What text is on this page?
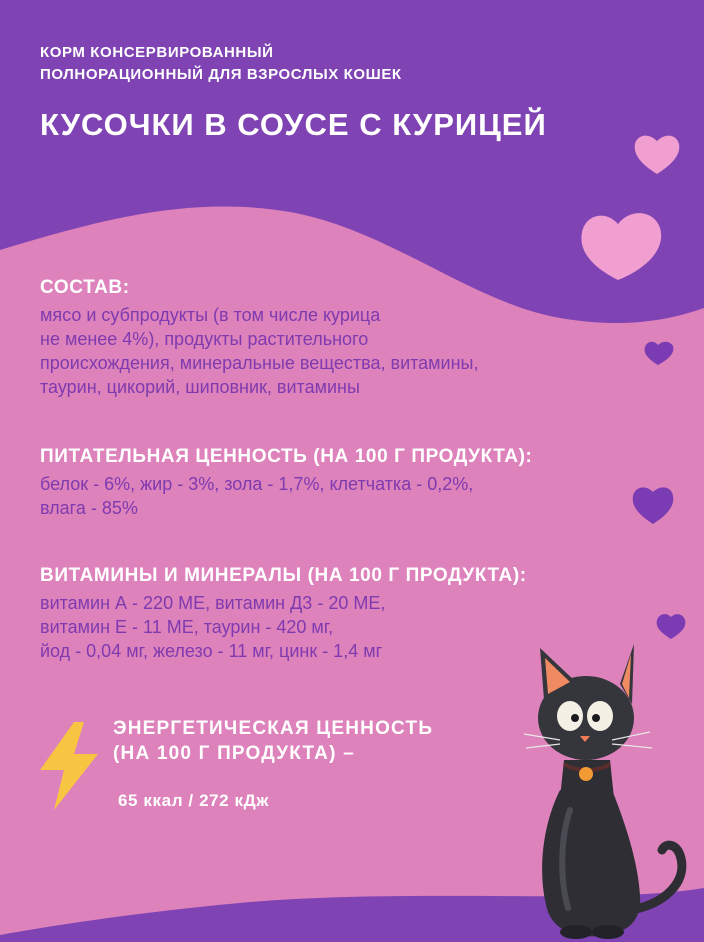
КОРМ КОНСЕРВИРОВАННЫЙ
ПОЛНОРАЦИОННЫЙ ДЛЯ ВЗРОСЛЫХ КОШЕК

КУСОЧКИ В СОУСЕ С КУРИЦЕЙ
СОСТАВ:
мясо и субпродукты (в том числе курица
не менее 4%), продукты растительного
происхождения, минеральные вещества, витамины,
таурин, цикорий, шиповник, витамины
ПИТАТЕЛЬНАЯ ЦЕННОСТЬ (НА 100 Г ПРОДУКТА):
белок - 6%, жир - 3%, зола - 1,7%, клетчатка - 0,2%,
влага - 85%
ВИТАМИНЫ И МИНЕРАЛЫ (НА 100 Г ПРОДУКТА):
витамин А - 220 МЕ, витамин Д3 - 20 МЕ,
витамин Е - 11 МЕ, таурин - 420 мг,
йод - 0,04 мг, железо - 11 мг, цинк - 1,4 мг

ЭНЕРГЕТИЧЕСКАЯ ЦЕННОСТЬ
(НА 100 Г ПРОДУКТА) –

65 ккал / 272 кДж
